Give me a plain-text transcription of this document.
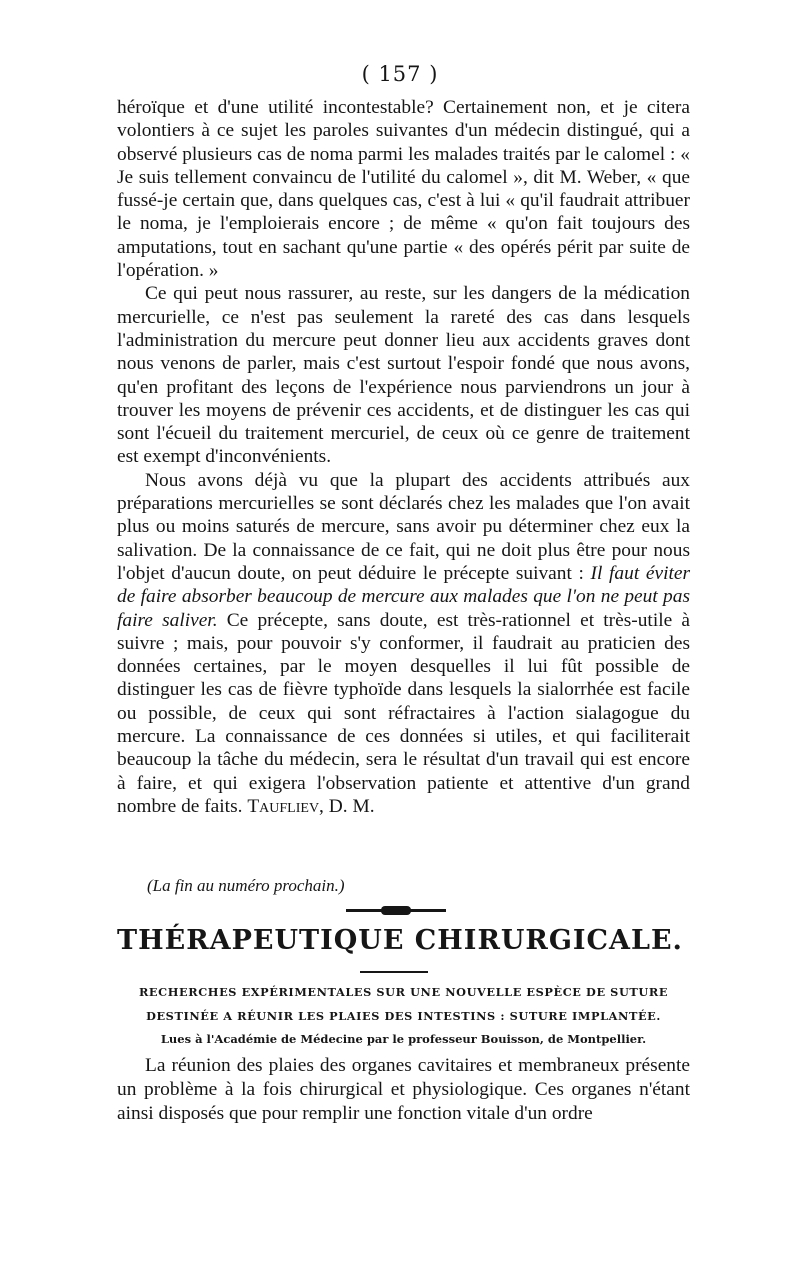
( 157 )

héroïque et d'une utilité incontestable? Certainement non, et je citera volontiers à ce sujet les paroles suivantes d'un médecin distingué, qui a observé plusieurs cas de noma parmi les malades traités par le calomel : « Je suis tellement convaincu de l'utilité du calomel », dit M. Weber, « que fussé-je certain que, dans quelques cas, c'est à lui « qu'il faudrait attribuer le noma, je l'emploierais encore ; de même « qu'on fait toujours des amputations, tout en sachant qu'une partie « des opérés périt par suite de l'opération. »

Ce qui peut nous rassurer, au reste, sur les dangers de la médication mercurielle, ce n'est pas seulement la rareté des cas dans lesquels l'administration du mercure peut donner lieu aux accidents graves dont nous venons de parler, mais c'est surtout l'espoir fondé que nous avons, qu'en profitant des leçons de l'expérience nous parviendrons un jour à trouver les moyens de prévenir ces accidents, et de distinguer les cas qui sont l'écueil du traitement mercuriel, de ceux où ce genre de traitement est exempt d'inconvénients.

Nous avons déjà vu que la plupart des accidents attribués aux préparations mercurielles se sont déclarés chez les malades que l'on avait plus ou moins saturés de mercure, sans avoir pu déterminer chez eux la salivation. De la connaissance de ce fait, qui ne doit plus être pour nous l'objet d'aucun doute, on peut déduire le précepte suivant : Il faut éviter de faire absorber beaucoup de mercure aux malades que l'on ne peut pas faire saliver. Ce précepte, sans doute, est très-rationnel et très-utile à suivre ; mais, pour pouvoir s'y conformer, il faudrait au praticien des données certaines, par le moyen desquelles il lui fût possible de distinguer les cas de fièvre typhoïde dans lesquels la sialorrhée est facile ou possible, de ceux qui sont réfractaires à l'action sialagogue du mercure. La connaissance de ces données si utiles, et qui faciliterait beaucoup la tâche du médecin, sera le résultat d'un travail qui est encore à faire, et qui exigera l'observation patiente et attentive d'un grand nombre de faits. Taufliev, D. M.

(La fin au numéro prochain.)
THÉRAPEUTIQUE CHIRURGICALE.
RECHERCHES EXPÉRIMENTALES SUR UNE NOUVELLE ESPÈCE DE SUTURE
DESTINÉE A RÉUNIR LES PLAIES DES INTESTINS : SUTURE IMPLANTÉE.
Lues à l'Académie de Médecine par le professeur Bouisson, de Montpellier.

La réunion des plaies des organes cavitaires et membraneux présente un problème à la fois chirurgical et physiologique. Ces organes n'étant ainsi disposés que pour remplir une fonction vitale d'un ordre
